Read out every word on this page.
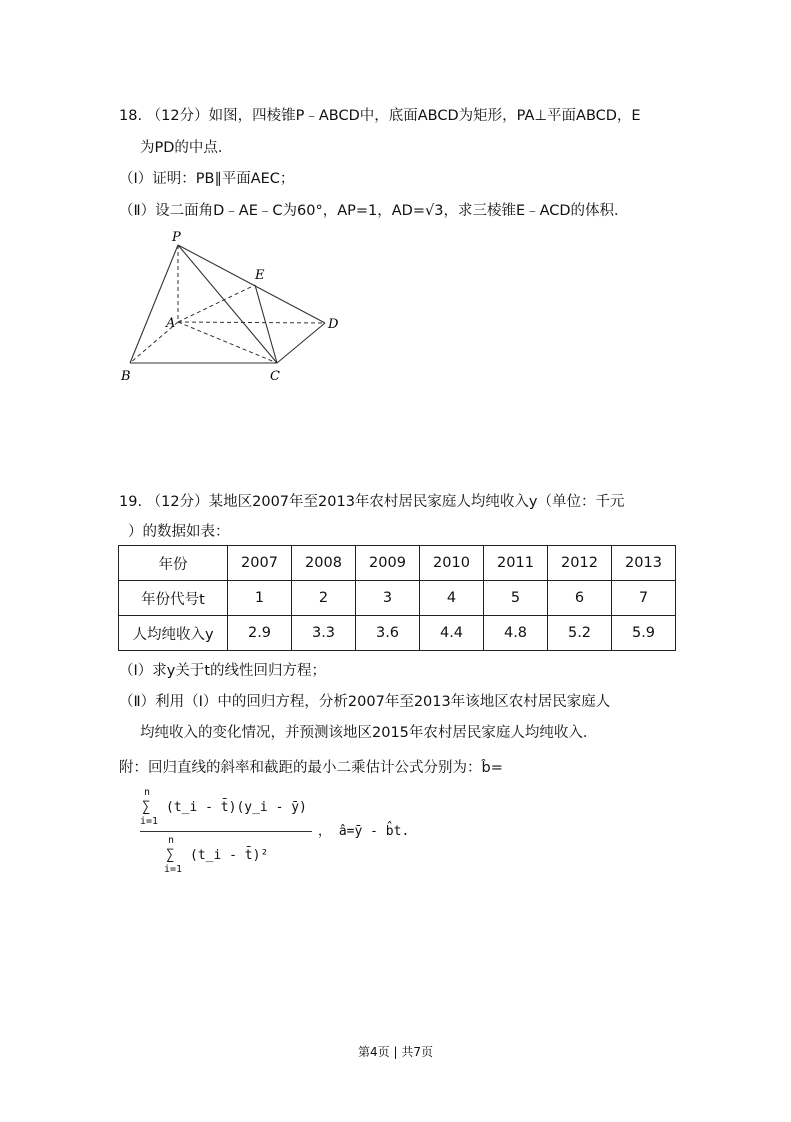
18. （12分）如图，四棱锥P﹣ABCD中，底面ABCD为矩形，PA⊥平面ABCD，E
为PD的中点．
（Ⅰ）证明：PB∥平面AEC；
（Ⅱ）设二面角D﹣AE﹣C为60°，AP=1，AD=√3，求三棱锥E﹣ACD的体积．
P
E
A	D
B	C
19. （12分）某地区2007年至2013年农村居民家庭人均纯收入y（单位：千元
）的数据如表：
年份	2007	2008	2009	2010	2011	2012	2013
年份代号t	1	2	3	4	5	6	7
人均纯收入y	2.9	3.3	3.6	4.4	4.8	5.2	5.9
（Ⅰ）求y关于t的线性回归方程；
（Ⅱ）利用（Ⅰ）中的回归方程，分析2007年至2013年该地区农村居民家庭人
均纯收入的变化情况，并预测该地区2015年农村居民家庭人均纯收入．
附：回归直线的斜率和截距的最小二乘估计公式分别为：b̂=
n
∑
i=1
(t_i - t̄)(y_i - ȳ)
n
∑
i=1
(t_i - t̄)²
， â=ȳ - b̂t.
第4页 | 共7页
